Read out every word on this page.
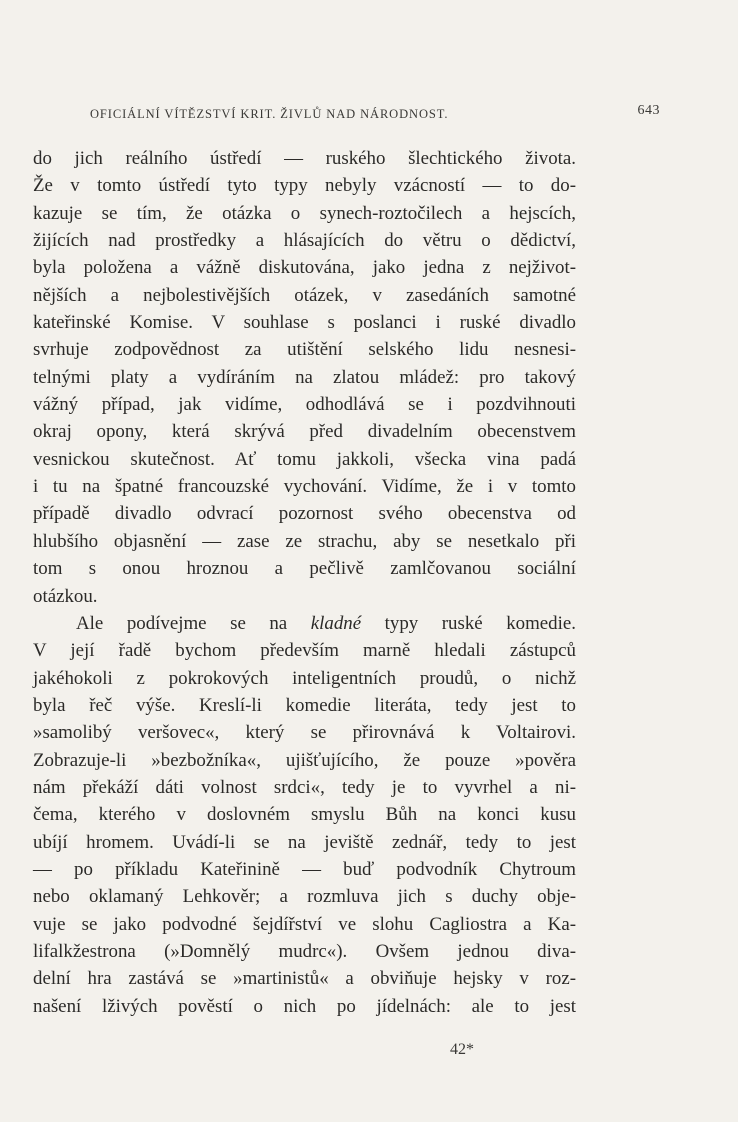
OFICIÁLNÍ VÍTĚZSTVÍ KRIT. ŽIVLŮ NAD NÁRODNOST.	643
do jich reálního ústředí — ruského šlechtického života.
Že v tomto ústředí tyto typy nebyly vzácností — to do-
kazuje se tím, že otázka o synech-roztočilech a hejscích,
žijících nad prostředky a hlásajících do větru o dědictví,
byla položena a vážně diskutována, jako jedna z nejživot-
nějších a nejbolestivějších otázek, v zasedáních samotné
kateřinské Komise. V souhlase s poslanci i ruské divadlo
svrhuje zodpovědnost za utištění selského lidu nesnesi-
telnými platy a vydíráním na zlatou mládež: pro takový
vážný případ, jak vidíme, odhodlává se i pozdvihnouti
okraj opony, která skrývá před divadelním obecenstvem
vesnickou skutečnost. Ať tomu jakkoli, všecka vina padá
i tu na špatné francouzské vychování. Vidíme, že i v tomto
případě divadlo odvrací pozornost svého obecenstva od
hlubšího objasnění — zase ze strachu, aby se nesetkalo při
tom s onou hroznou a pečlivě zamlčovanou sociální
otázkou.
Ale podívejme se na kladné typy ruské komedie.
V její řadě bychom především marně hledali zástupců
jakéhokoli z pokrokových inteligentních proudů, o nichž
byla řeč výše. Kreslí-li komedie literáta, tedy jest to
»samolibý veršovec«, který se přirovnává k Voltairovi.
Zobrazuje-li »bezbožníka«, ujišťujícího, že pouze »pověra
nám překáží dáti volnost srdci«, tedy je to vyvrhel a ni-
čema, kterého v doslovném smyslu Bůh na konci kusu
ubíjí hromem. Uvádí-li se na jeviště zednář, tedy to jest
— po příkladu Kateřinině — buď podvodník Chytroum
nebo oklamaný Lehkověr; a rozmluva jich s duchy obje-
vuje se jako podvodné šejdířství ve slohu Cagliostra a Ka-
lifalkžestrona (»Domnělý mudrc«). Ovšem jednou diva-
delní hra zastává se »martinistů« a obviňuje hejsky v roz-
našení lživých pověstí o nich po jídelnách: ale to jest
42*
